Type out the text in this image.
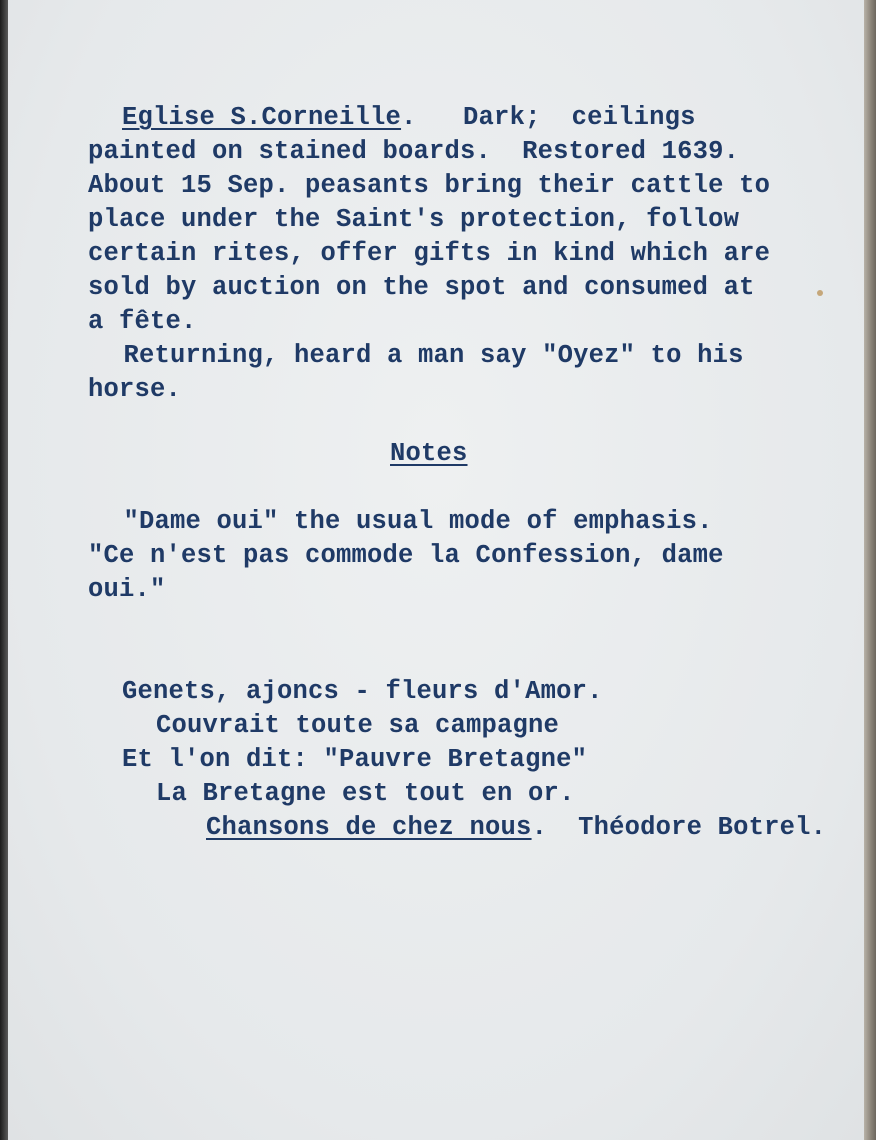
Eglise S.Corneille.   Dark;  ceilings

painted on stained boards.  Restored 1639.

About 15 Sep. peasants bring their cattle to

place under the Saint's protection, follow

certain rites, offer gifts in kind which are

sold by auction on the spot and consumed at

a fête.

Returning, heard a man say "Oyez" to his

horse.

Notes

"Dame oui" the usual mode of emphasis.

"Ce n'est pas commode la Confession, dame

oui."

Genets, ajoncs - fleurs d'Amor.

Couvrait toute sa campagne

Et l'on dit: "Pauvre Bretagne"

La Bretagne est tout en or.

Chansons de chez nous.  Théodore Botrel.
